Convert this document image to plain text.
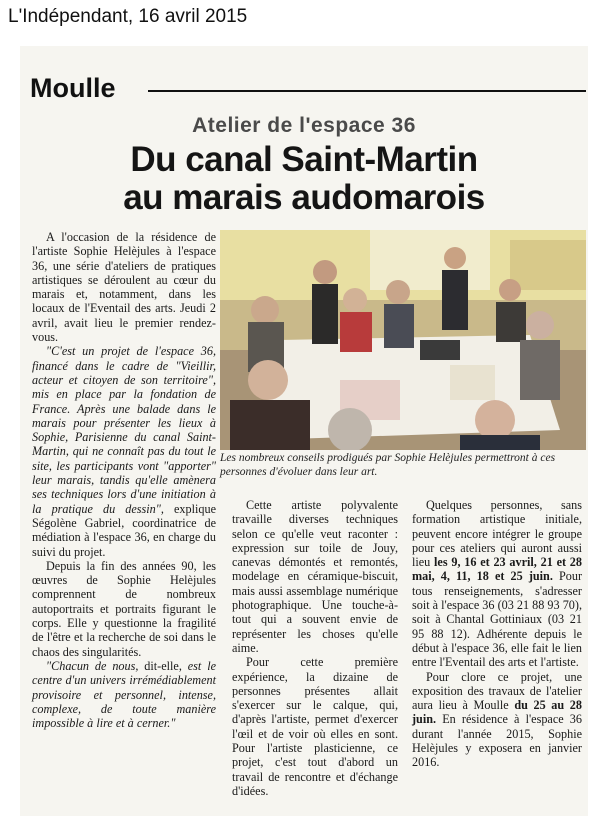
L'Indépendant, 16 avril 2015
Moulle
Atelier de l'espace 36
Du canal Saint-Martin
au marais audomarois

A l'occasion de la résidence de l'artiste Sophie Helèjules à l'espace 36, une série d'ateliers de pratiques artistiques se déroulent au cœur du marais et, notamment, dans les locaux de l'Eventail des arts. Jeudi 2 avril, avait lieu le premier rendez-vous.

"C'est un projet de l'espace 36, financé dans le cadre de "Vieillir, acteur et citoyen de son territoire", mis en place par la fondation de France. Après une balade dans le marais pour présenter les lieux à Sophie, Parisienne du canal Saint-Martin, qui ne connaît pas du tout le site, les participants vont "apporter" leur marais, tandis qu'elle amènera ses techniques lors d'une initiation à la pratique du dessin", explique Ségolène Gabriel, coordinatrice de médiation à l'espace 36, en charge du suivi du projet.

Depuis la fin des années 90, les œuvres de Sophie Helèjules comprennent de nombreux autoportraits et portraits figurant le corps. Elle y questionne la fragilité de l'être et la recherche de soi dans le chaos des singularités.

"Chacun de nous, dit-elle, est le centre d'un univers irrémédiablement provisoire et personnel, intense, complexe, de toute manière impossible à lire et à cerner."

Les nombreux conseils prodigués par Sophie Helèjules permettront à ces personnes d'évoluer dans leur art.

Cette artiste polyvalente travaille diverses techniques selon ce qu'elle veut raconter : expression sur toile de Jouy, canevas démontés et remontés, modelage en céramique-biscuit, mais aussi assemblage numérique photographique. Une touche-à-tout qui a souvent envie de représenter les choses qu'elle aime.

Pour cette première expérience, la dizaine de personnes présentes allait s'exercer sur le calque, qui, d'après l'artiste, permet d'exercer l'œil et de voir où elles en sont. Pour l'artiste plasticienne, ce projet, c'est tout d'abord un travail de rencontre et d'échange d'idées.

Quelques personnes, sans formation artistique initiale, peuvent encore intégrer le groupe pour ces ateliers qui auront aussi lieu les 9, 16 et 23 avril, 21 et 28 mai, 4, 11, 18 et 25 juin. Pour tous renseignements, s'adresser soit à l'espace 36 (03 21 88 93 70), soit à Chantal Gottiniaux (03 21 95 88 12). Adhérente depuis le début à l'espace 36, elle fait le lien entre l'Eventail des arts et l'artiste.

Pour clore ce projet, une exposition des travaux de l'atelier aura lieu à Moulle du 25 au 28 juin. En résidence à l'espace 36 durant l'année 2015, Sophie Helèjules y exposera en janvier 2016.
